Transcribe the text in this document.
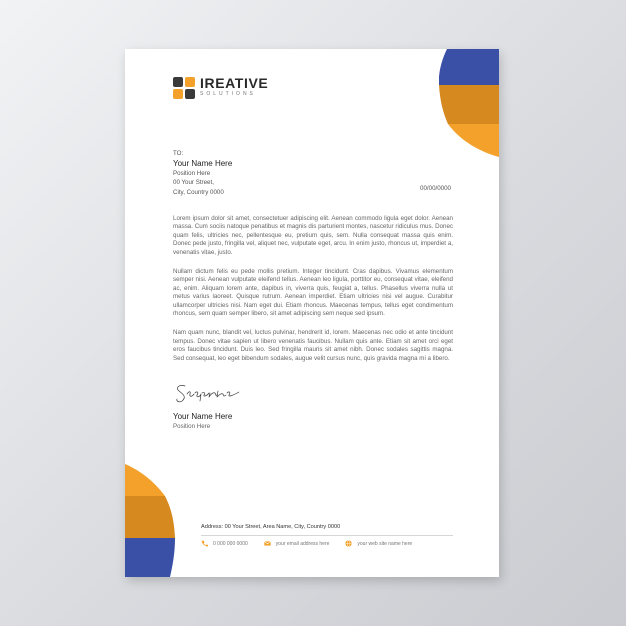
IREATIVE
SOLUTIONS
TO:
Your Name Here
Position Here
00 Your Street,
City, Country 0000
00/00/0000

Lorem ipsum dolor sit amet, consectetuer adipiscing elit. Aenean commodo ligula eget dolor. Aenean massa. Cum sociis natoque penatibus et magnis dis parturient montes, nascetur ridiculus mus. Donec quam felis, ultricies nec, pellentesque eu, pretium quis, sem. Nulla consequat massa quis enim. Donec pede justo, fringilla vel, aliquet nec, vulputate eget, arcu. In enim justo, rhoncus ut, imperdiet a, venenatis vitae, justo.

Nullam dictum felis eu pede mollis pretium. Integer tincidunt. Cras dapibus. Vivamus elementum semper nisi. Aenean vulputate eleifend tellus. Aenean leo ligula, porttitor eu, consequat vitae, eleifend ac, enim. Aliquam lorem ante, dapibus in, viverra quis, feugiat a, tellus. Phasellus viverra nulla ut metus varius laoreet. Quisque rutrum. Aenean imperdiet. Etiam ultricies nisi vel augue. Curabitur ullamcorper ultricies nisi. Nam eget dui. Etiam rhoncus. Maecenas tempus, tellus eget condimentum rhoncus, sem quam semper libero, sit amet adipiscing sem neque sed ipsum.

Nam quam nunc, blandit vel, luctus pulvinar, hendrerit id, lorem. Maecenas nec odio et ante tincidunt tempus. Donec vitae sapien ut libero venenatis faucibus. Nullam quis ante. Etiam sit amet orci eget eros faucibus tincidunt. Duis leo. Sed fringilla mauris sit amet nibh. Donec sodales sagittis magna. Sed consequat, leo eget bibendum sodales, augue velit cursus nunc, quis gravida magna mi a libero.

Your Name Here
Position Here
Address: 00 Your Street, Area Name, City, Country 0000
0 000 000 0000	your email address here	your web site name here
